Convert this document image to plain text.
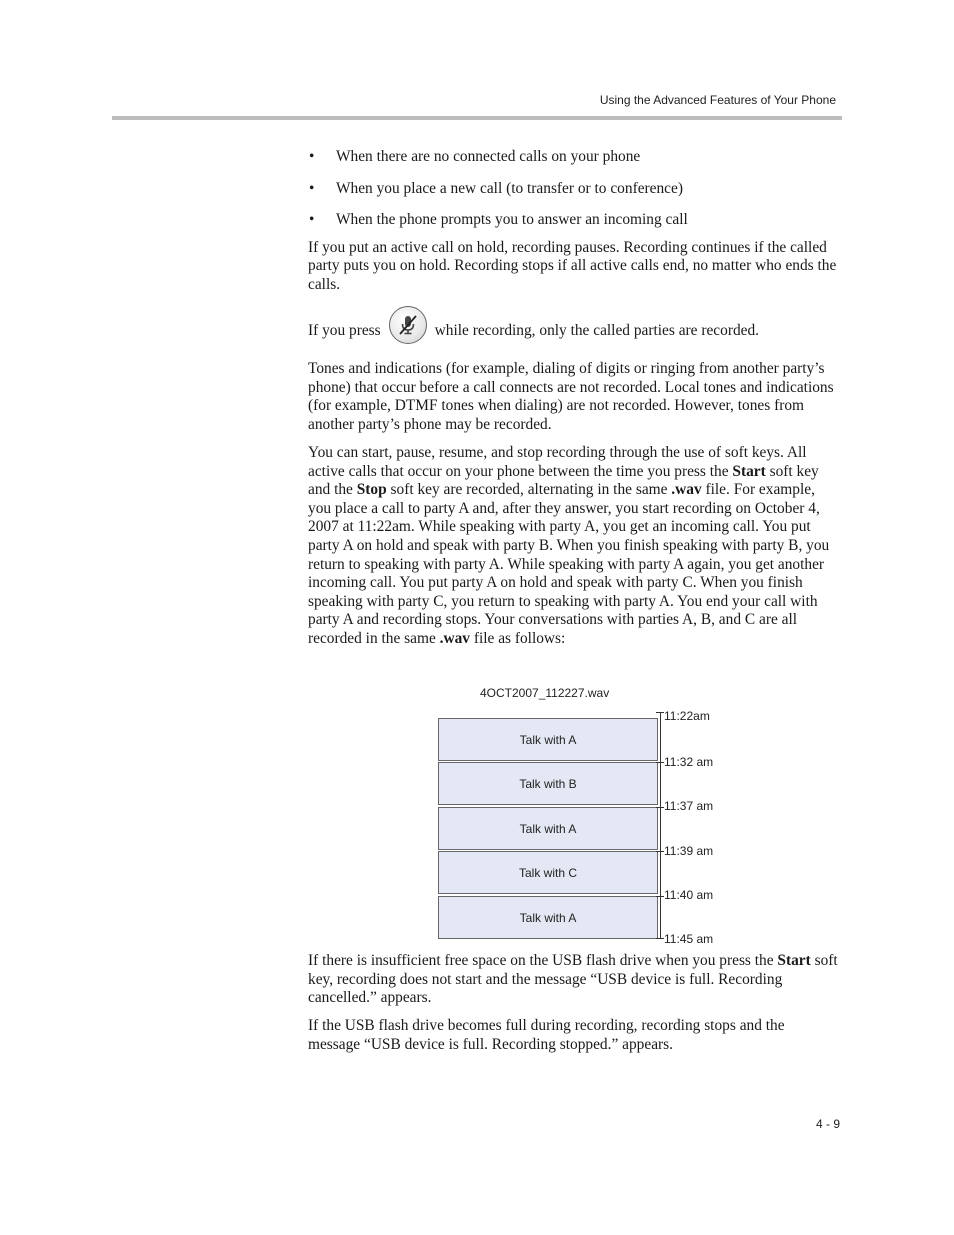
Using the Advanced Features of Your Phone
• When there are no connected calls on your phone
• When you place a new call (to transfer or to conference)
• When the phone prompts you to answer an incoming call

If you put an active call on hold, recording pauses. Recording continues if the called party puts you on hold. Recording stops if all active calls end, no matter who ends the calls.

If you press	while recording, only the called parties are recorded.

Tones and indications (for example, dialing of digits or ringing from another party’s phone) that occur before a call connects are not recorded. Local tones and indications (for example, DTMF tones when dialing) are not recorded. However, tones from another party’s phone may be recorded.

You can start, pause, resume, and stop recording through the use of soft keys. All active calls that occur on your phone between the time you press the Start soft key and the Stop soft key are recorded, alternating in the same .wav file. For example, you place a call to party A and, after they answer, you start recording on October 4, 2007 at 11:22am. While speaking with party A, you get an incoming call. You put party A on hold and speak with party B. When you finish speaking with party B, you return to speaking with party A. While speaking with party A again, you get another incoming call. You put party A on hold and speak with party C. When you finish speaking with party C, you return to speaking with party A. You end your call with party A and recording stops. Your conversations with parties A, B, and C are all recorded in the same .wav file as follows:

4OCT2007_112227.wav
Talk with A
Talk with B
Talk with A
Talk with C
Talk with A
11:22am
11:32 am
11:37 am
11:39 am
11:40 am
11:45 am

If there is insufficient free space on the USB flash drive when you press the Start soft key, recording does not start and the message “USB device is full. Recording cancelled.” appears.

If the USB flash drive becomes full during recording, recording stops and the message “USB device is full. Recording stopped.” appears.

4 - 9
